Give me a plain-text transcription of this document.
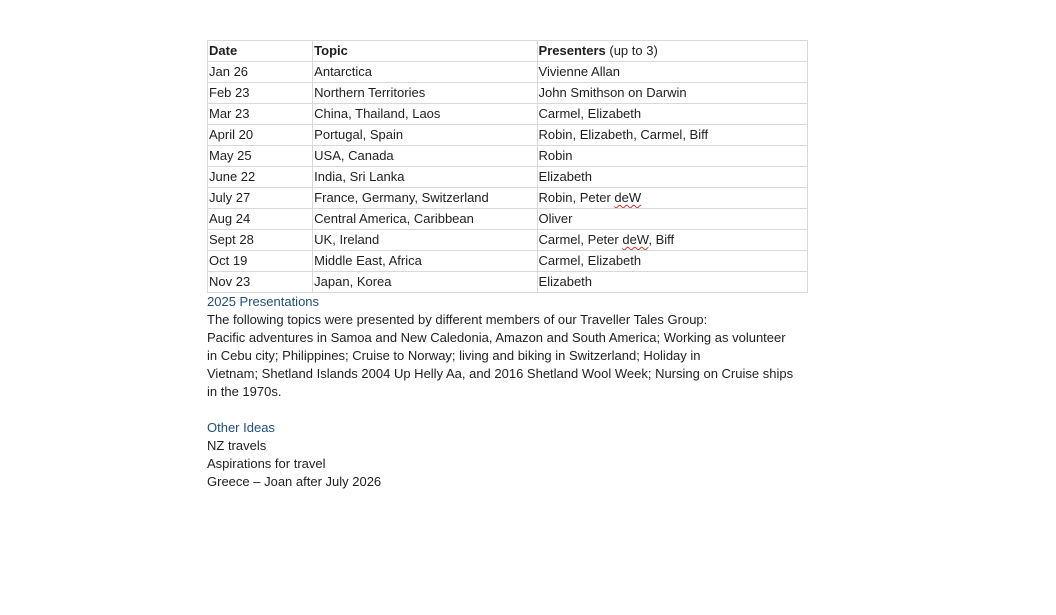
Date	Topic	Presenters (up to 3)
Jan 26	Antarctica	Vivienne Allan
Feb 23	Northern Territories	John Smithson on Darwin
Mar 23	China, Thailand, Laos	Carmel, Elizabeth
April 20	Portugal, Spain	Robin, Elizabeth, Carmel, Biff
May 25	USA, Canada	Robin
June 22	India, Sri Lanka	Elizabeth
July 27	France, Germany, Switzerland	Robin, Peter deW
Aug 24	Central America, Caribbean	Oliver
Sept 28	UK, Ireland	Carmel, Peter deW, Biff
Oct 19	Middle East, Africa	Carmel, Elizabeth
Nov 23	Japan, Korea	Elizabeth

2025 Presentations

The following topics were presented by different members of our Traveller Tales Group:

Pacific adventures in Samoa and New Caledonia, Amazon and South America; Working as volunteer

in Cebu city; Philippines; Cruise to Norway; living and biking in Switzerland; Holiday in

Vietnam; Shetland Islands 2004 Up Helly Aa, and 2016 Shetland Wool Week; Nursing on Cruise ships

in the 1970s.

Other Ideas

NZ travels

Aspirations for travel

Greece – Joan after July 2026
